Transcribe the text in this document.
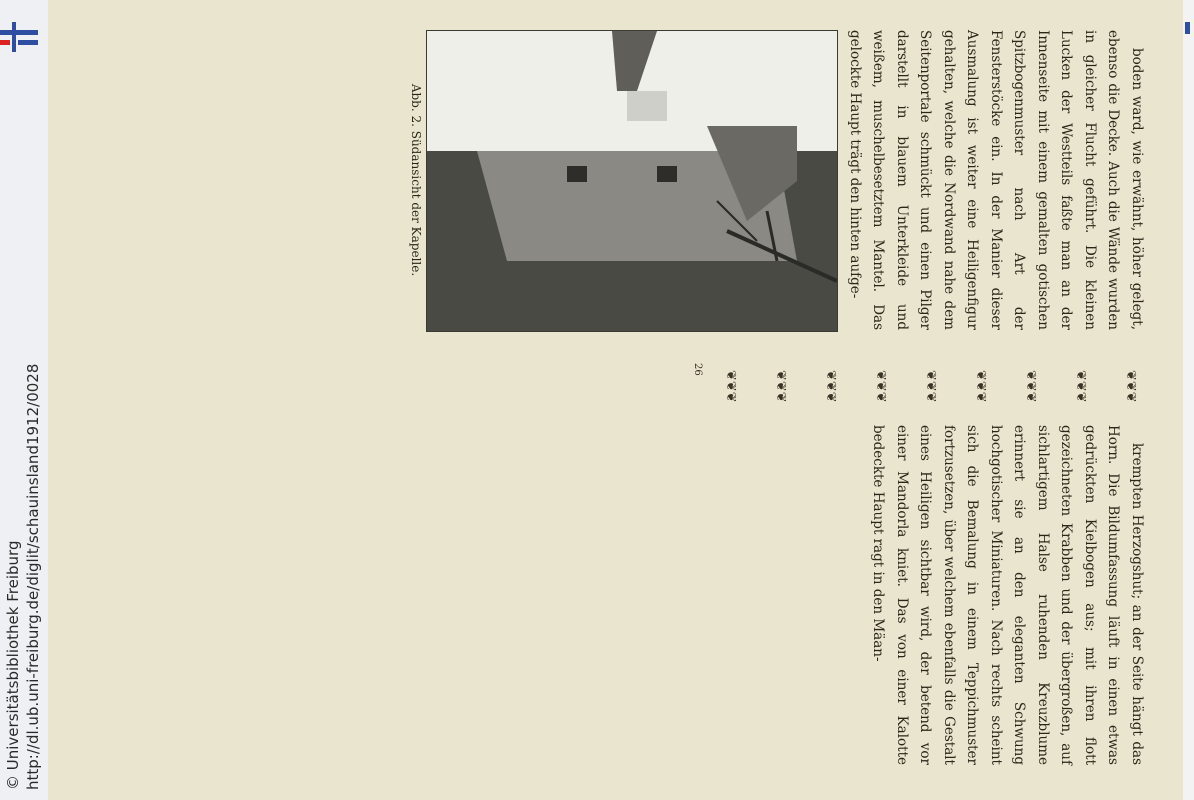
http://dl.ub.uni-freiburg.de/diglit/schauinsland1912/0028
© Universitätsbibliothek Freiburg

boden ward, wie erwähnt, höher gelegt, ebenso die Decke. Auch die Wände wurden in gleicher Flucht geführt. Die kleinen Lucken der Westteils faßte man an der Innenseite mit einem gemalten gotischen Spitzbogenmuster nach Art der Fensterstöcke ein. In der Manier dieser Ausmalung ist weiter eine Heiligenfigur gehalten, welche die Nordwand nahe dem Seitenportale schmückt und einen Pilger darstellt in blauem Unterkleide und weißem, muschelbesetztem Mantel. Das gelockte Haupt trägt den hinten aufge-

Abb. 2. Südansicht der Kapelle.

krempten Herzogshut; an der Seite hängt das Horn. Die Bildumfassung läuft in einen etwas gedrückten Kielbogen aus; mit ihren flott gezeichneten Krabben und der übergroßen, auf sichlartigem Halse ruhenden Kreuzblume erinnert sie an den eleganten Schwung hochgotischer Miniaturen. Nach rechts scheint sich die Bemalung in einem Teppichmuster fortzusetzen, über welchem ebenfalls die Gestalt eines Heiligen sichtbar wird, der betend vor einer Mandorla kniet. Das von einer Kalotte bedeckte Haupt ragt in den Mäan-

❦❦❦
❦❦❦
❦❦❦
❦❦❦
❦❦❦
❦❦❦
❦❦❦
❦❦❦
❦❦❦
26
